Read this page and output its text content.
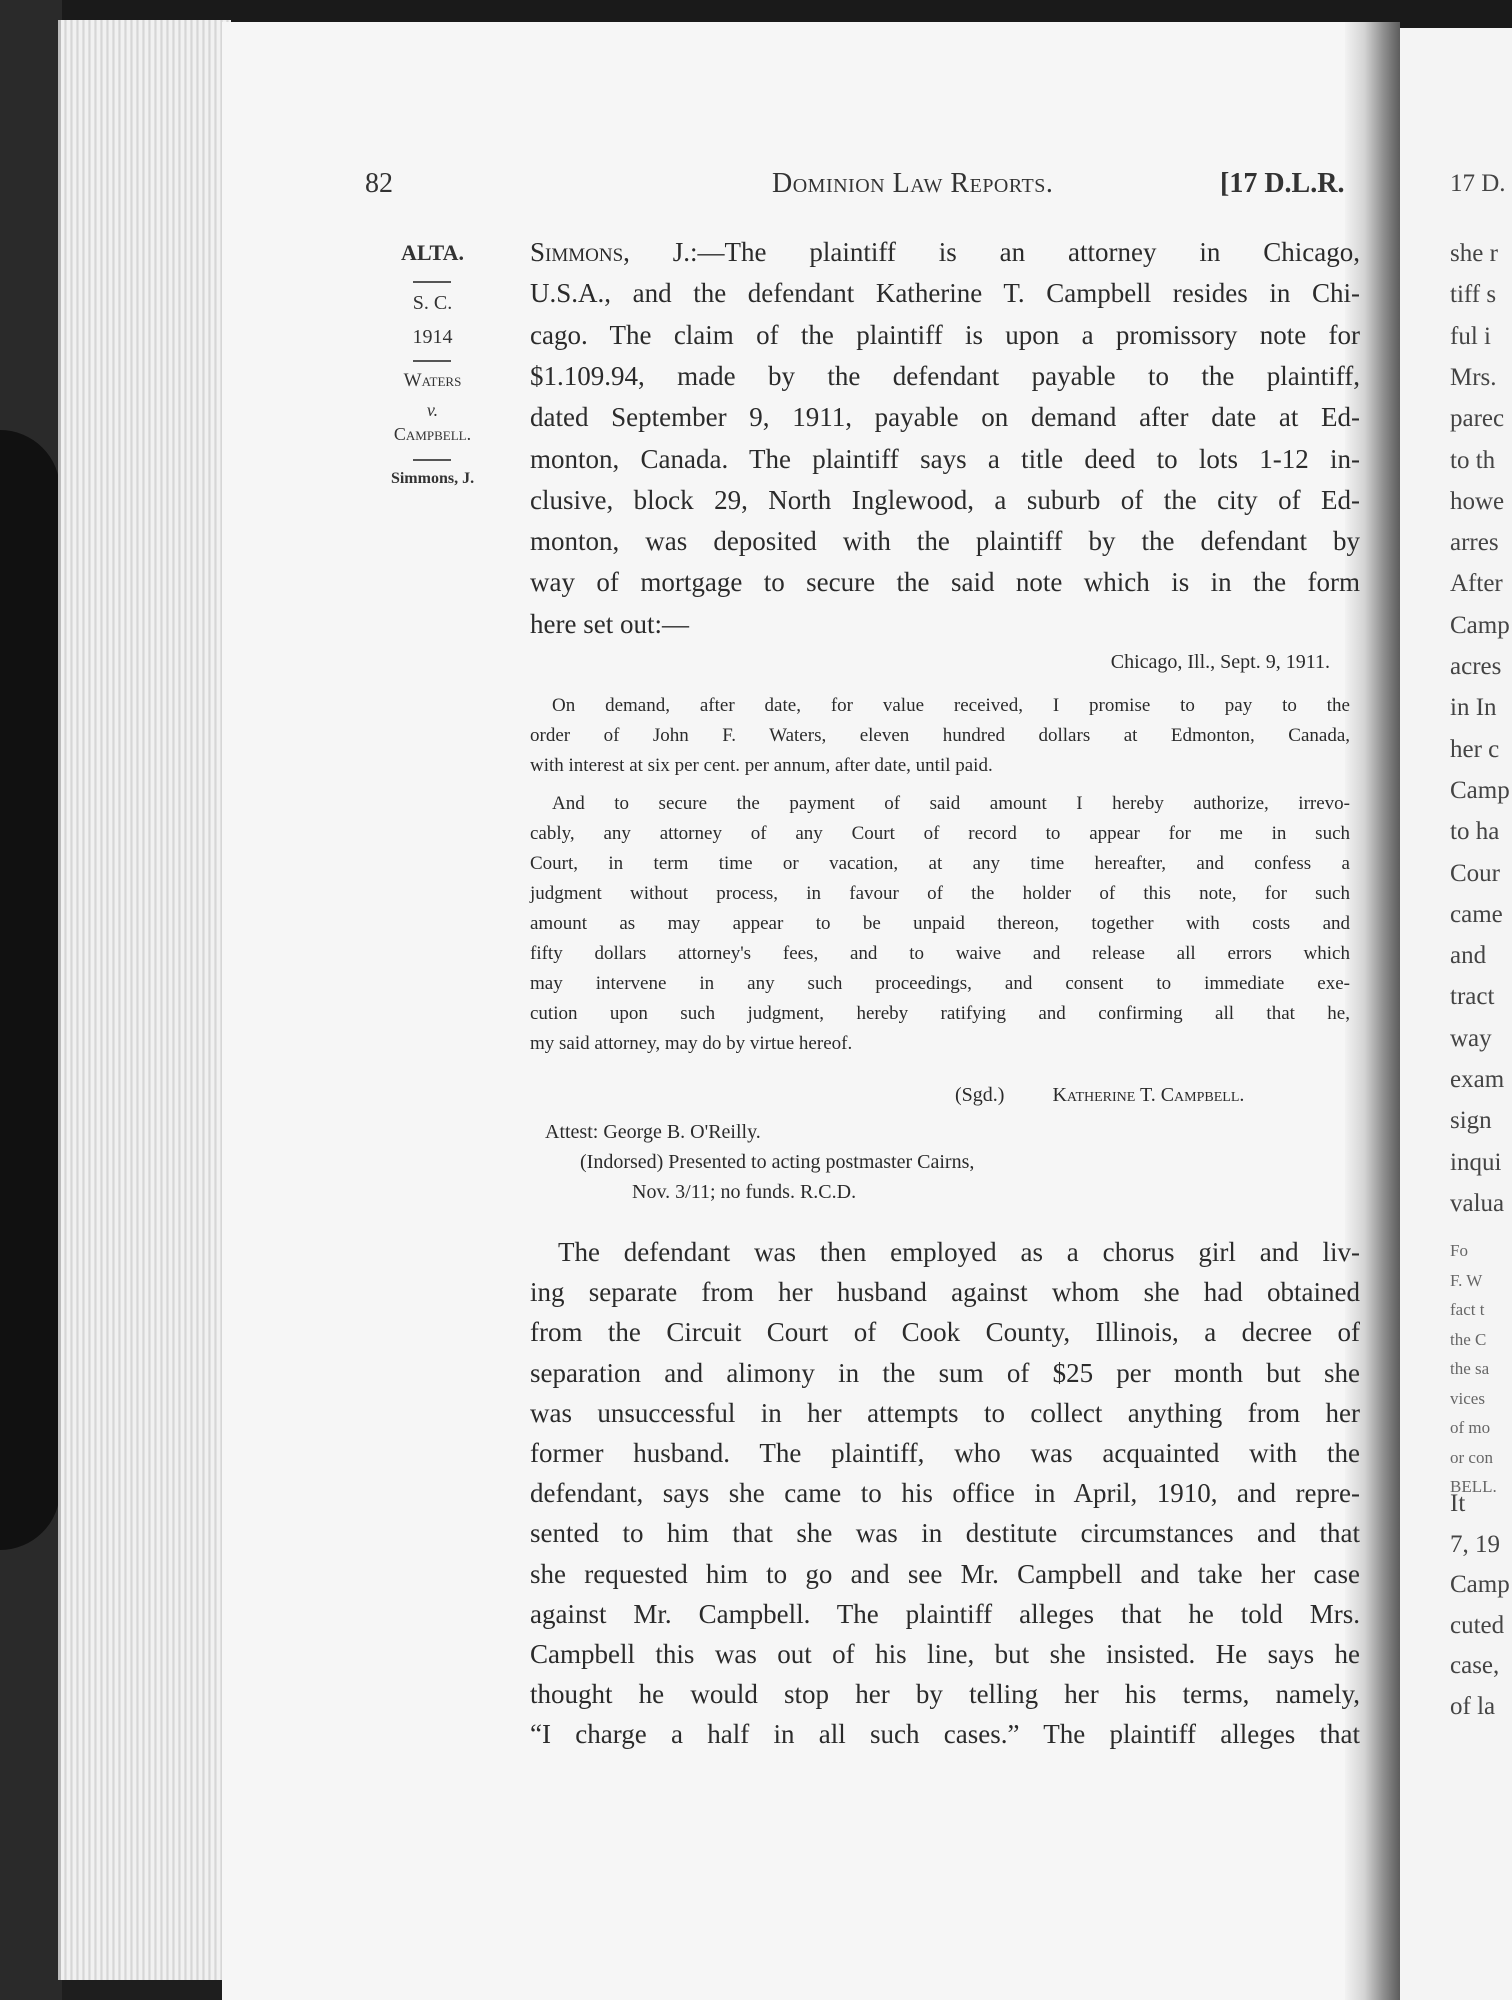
17 D.
she r
tiff s
ful i
Mrs.
parec
to th
howe
arres
After
Camp
acres
in In
her c
Camp
to ha
Cour
came
and
tract
way
exam
sign
inqui
valua
Fo
F. W
fact t
the C
the sa
vices
of mo
or con
BELL.
It
7, 19
Camp
cuted
case,
of la
82	Dominion Law Reports.	[17 D.L.R.
ALTA.
S. C.
1914
Waters
v.
Campbell.
Simmons, J.
Simmons, J.:—The plaintiff is an attorney in Chicago,
U.S.A., and the defendant Katherine T. Campbell resides in Chi-
cago. The claim of the plaintiff is upon a promissory note for
$1.109.94, made by the defendant payable to the plaintiff,
dated September 9, 1911, payable on demand after date at Ed-
monton, Canada. The plaintiff says a title deed to lots 1-12 in-
clusive, block 29, North Inglewood, a suburb of the city of Ed-
monton, was deposited with the plaintiff by the defendant by
way of mortgage to secure the said note which is in the form
here set out:—
Chicago, Ill., Sept. 9, 1911.
On demand, after date, for value received, I promise to pay to the
order of John F. Waters, eleven hundred dollars at Edmonton, Canada,
with interest at six per cent. per annum, after date, until paid.
And to secure the payment of said amount I hereby authorize, irrevo-
cably, any attorney of any Court of record to appear for me in such
Court, in term time or vacation, at any time hereafter, and confess a
judgment without process, in favour of the holder of this note, for such
amount as may appear to be unpaid thereon, together with costs and
fifty dollars attorney's fees, and to waive and release all errors which
may intervene in any such proceedings, and consent to immediate exe-
cution upon such judgment, hereby ratifying and confirming all that he,
my said attorney, may do by virtue hereof.
(Sgd.) Katherine T. Campbell.
Attest: George B. O'Reilly.
(Indorsed) Presented to acting postmaster Cairns,
Nov. 3/11; no funds. R.C.D.
The defendant was then employed as a chorus girl and liv-
ing separate from her husband against whom she had obtained
from the Circuit Court of Cook County, Illinois, a decree of
separation and alimony in the sum of $25 per month but she
was unsuccessful in her attempts to collect anything from her
former husband. The plaintiff, who was acquainted with the
defendant, says she came to his office in April, 1910, and repre-
sented to him that she was in destitute circumstances and that
she requested him to go and see Mr. Campbell and take her case
against Mr. Campbell. The plaintiff alleges that he told Mrs.
Campbell this was out of his line, but she insisted. He says he
thought he would stop her by telling her his terms, namely,
“I charge a half in all such cases.” The plaintiff alleges that
